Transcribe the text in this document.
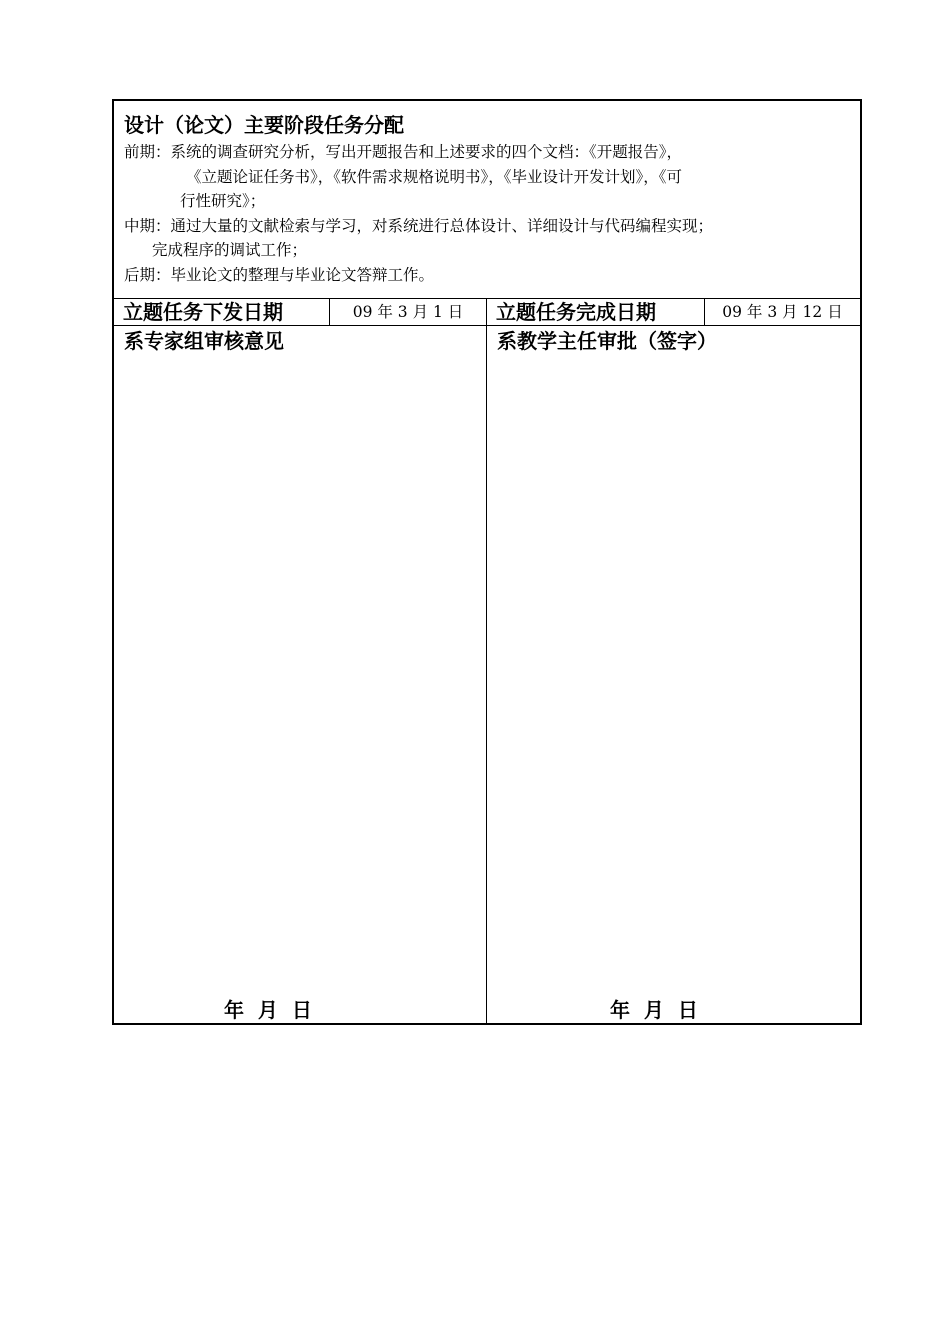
设计（论文）主要阶段任务分配
前期：系统的调查研究分析，写出开题报告和上述要求的四个文档：《开题报告》，
《立题论证任务书》，《软件需求规格说明书》，《毕业设计开发计划》，《可
行性研究》；
中期：通过大量的文献检索与学习，对系统进行总体设计、详细设计与代码编程实现；
完成程序的调试工作；
后期：毕业论文的整理与毕业论文答辩工作。
立题任务下发日期	09 年 3 月 1 日	立题任务完成日期	09 年 3 月 12 日
系专家组审核意见
年  月  日
系教学主任审批（签字）
年  月  日
